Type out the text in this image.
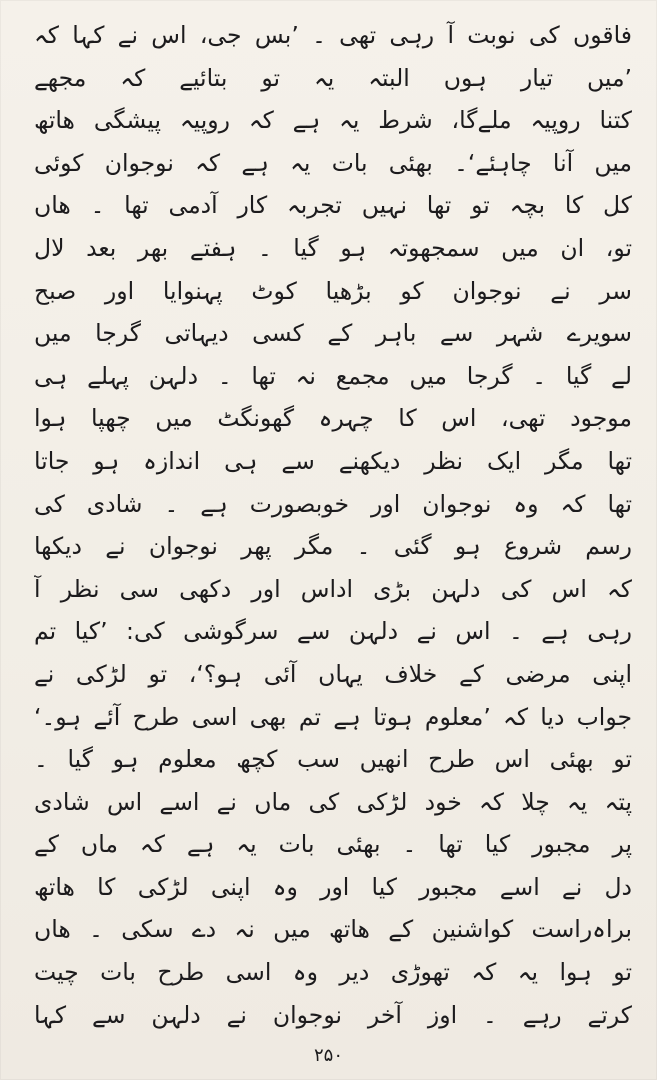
فاقوں کی نوبت آ رہی تھی ۔ ’بس جی، اس نے کہا کہ
’میں تیار ہوں البتہ یہ تو بتائیے کہ مجھے
کتنا روپیہ ملےگا، شرط یہ ہے کہ روپیہ پیشگی ھاتھ
میں آنا چاہئے‘۔ بھئی بات یہ ہے کہ نوجوان کوئی
کل کا بچہ تو تھا نہیں تجربہ کار آدمی تھا ۔ ھاں
تو، ان میں سمجھوتہ ہو گیا ۔ ہفتے بھر بعد لال
سر نے نوجوان کو بڑھیا کوٹ پہنوایا اور صبح
سویرے شہر سے باہر کے کسی دیہاتی گرجا میں
لے گیا ۔ گرجا میں مجمع نہ تھا ۔ دلہن پہلے ہی
موجود تھی، اس کا چہرہ گھونگٹ میں چھپا ہوا
تھا مگر ایک نظر دیکھنے سے ہی اندازہ ہو جاتا
تھا کہ وہ نوجوان اور خوبصورت ہے ۔ شادی کی
رسم شروع ہو گئی ۔ مگر پھر نوجوان نے دیکھا
کہ اس کی دلہن بڑی اداس اور دکھی سی نظر آ
رہی ہے ۔ اس نے دلہن سے سرگوشی کی: ’کیا تم
اپنی مرضی کے خلاف یہاں آئی ہو؟‘، تو لڑکی نے
جواب دیا کہ ’معلوم ہوتا ہے تم بھی اسی طرح آئے ہو۔‘
تو بھئی اس طرح انھیں سب کچھ معلوم ہو گیا ۔
پتہ یہ چلا کہ خود لڑکی کی ماں نے اسے اس شادی
پر مجبور کیا تھا ۔ بھئی بات یہ ہے کہ ماں کے
دل نے اسے مجبور کیا اور وہ اپنی لڑکی کا ھاتھ
براہ‌راست کواشنین کے ھاتھ میں نہ دے سکی ۔ ھاں
تو ہوا یہ کہ تھوڑی دیر وہ اسی طرح بات چیت
کرتے رہے ۔ اوز آخر نوجوان نے دلہن سے کہا
۲۵۰
